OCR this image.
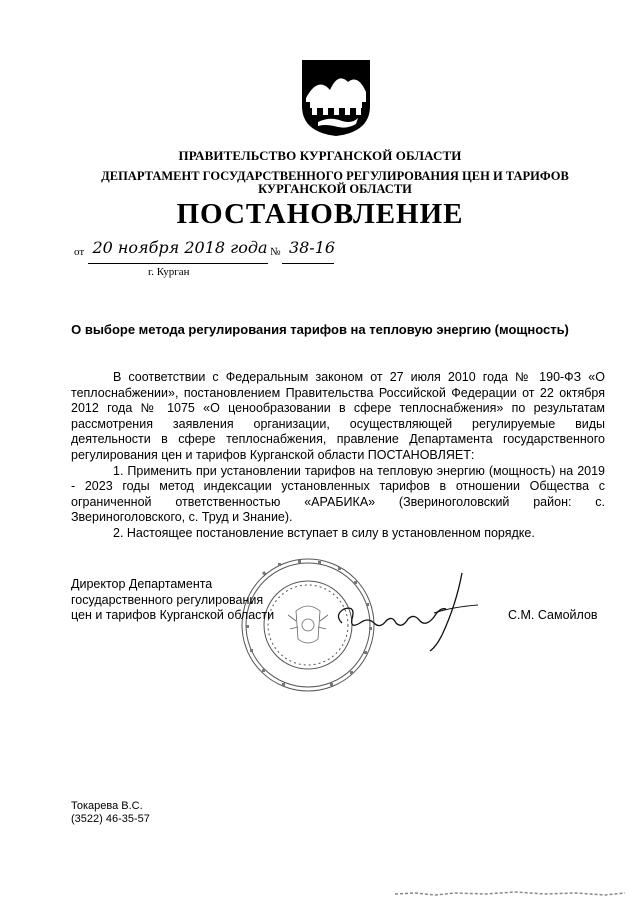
ПРАВИТЕЛЬСТВО КУРГАНСКОЙ ОБЛАСТИ
ДЕПАРТАМЕНТ ГОСУДАРСТВЕННОГО РЕГУЛИРОВАНИЯ ЦЕН И ТАРИФОВ
КУРГАНСКОЙ ОБЛАСТИ
ПОСТАНОВЛЕНИЕ
от 20 ноября 2018 года № 38-16
г. Курган
О выборе метода регулирования тарифов на тепловую энергию (мощность)

В соответствии с Федеральным законом от 27 июля 2010 года № 190-ФЗ «О теплоснабжении», постановлением Правительства Российской Федерации от 22 октября 2012 года № 1075 «О ценообразовании в сфере теплоснабжения» по результатам рассмотрения заявления организации, осуществляющей регулируемые виды деятельности в сфере теплоснабжения, правление Департамента государственного регулирования цен и тарифов Курганской области ПОСТАНОВЛЯЕТ:

1. Применить при установлении тарифов на тепловую энергию (мощность) на 2019 - 2023 годы метод индексации установленных тарифов в отношении Общества с ограниченной ответственностью «АРАБИКА» (Звериноголовский район: с. Звериноголовского, с. Труд и Знание).

2. Настоящее постановление вступает в силу в установленном порядке.

Директор Департамента
государственного регулирования
цен и тарифов Курганской области	С.М. Самойлов
Токарева В.С.
(3522) 46-35-57
